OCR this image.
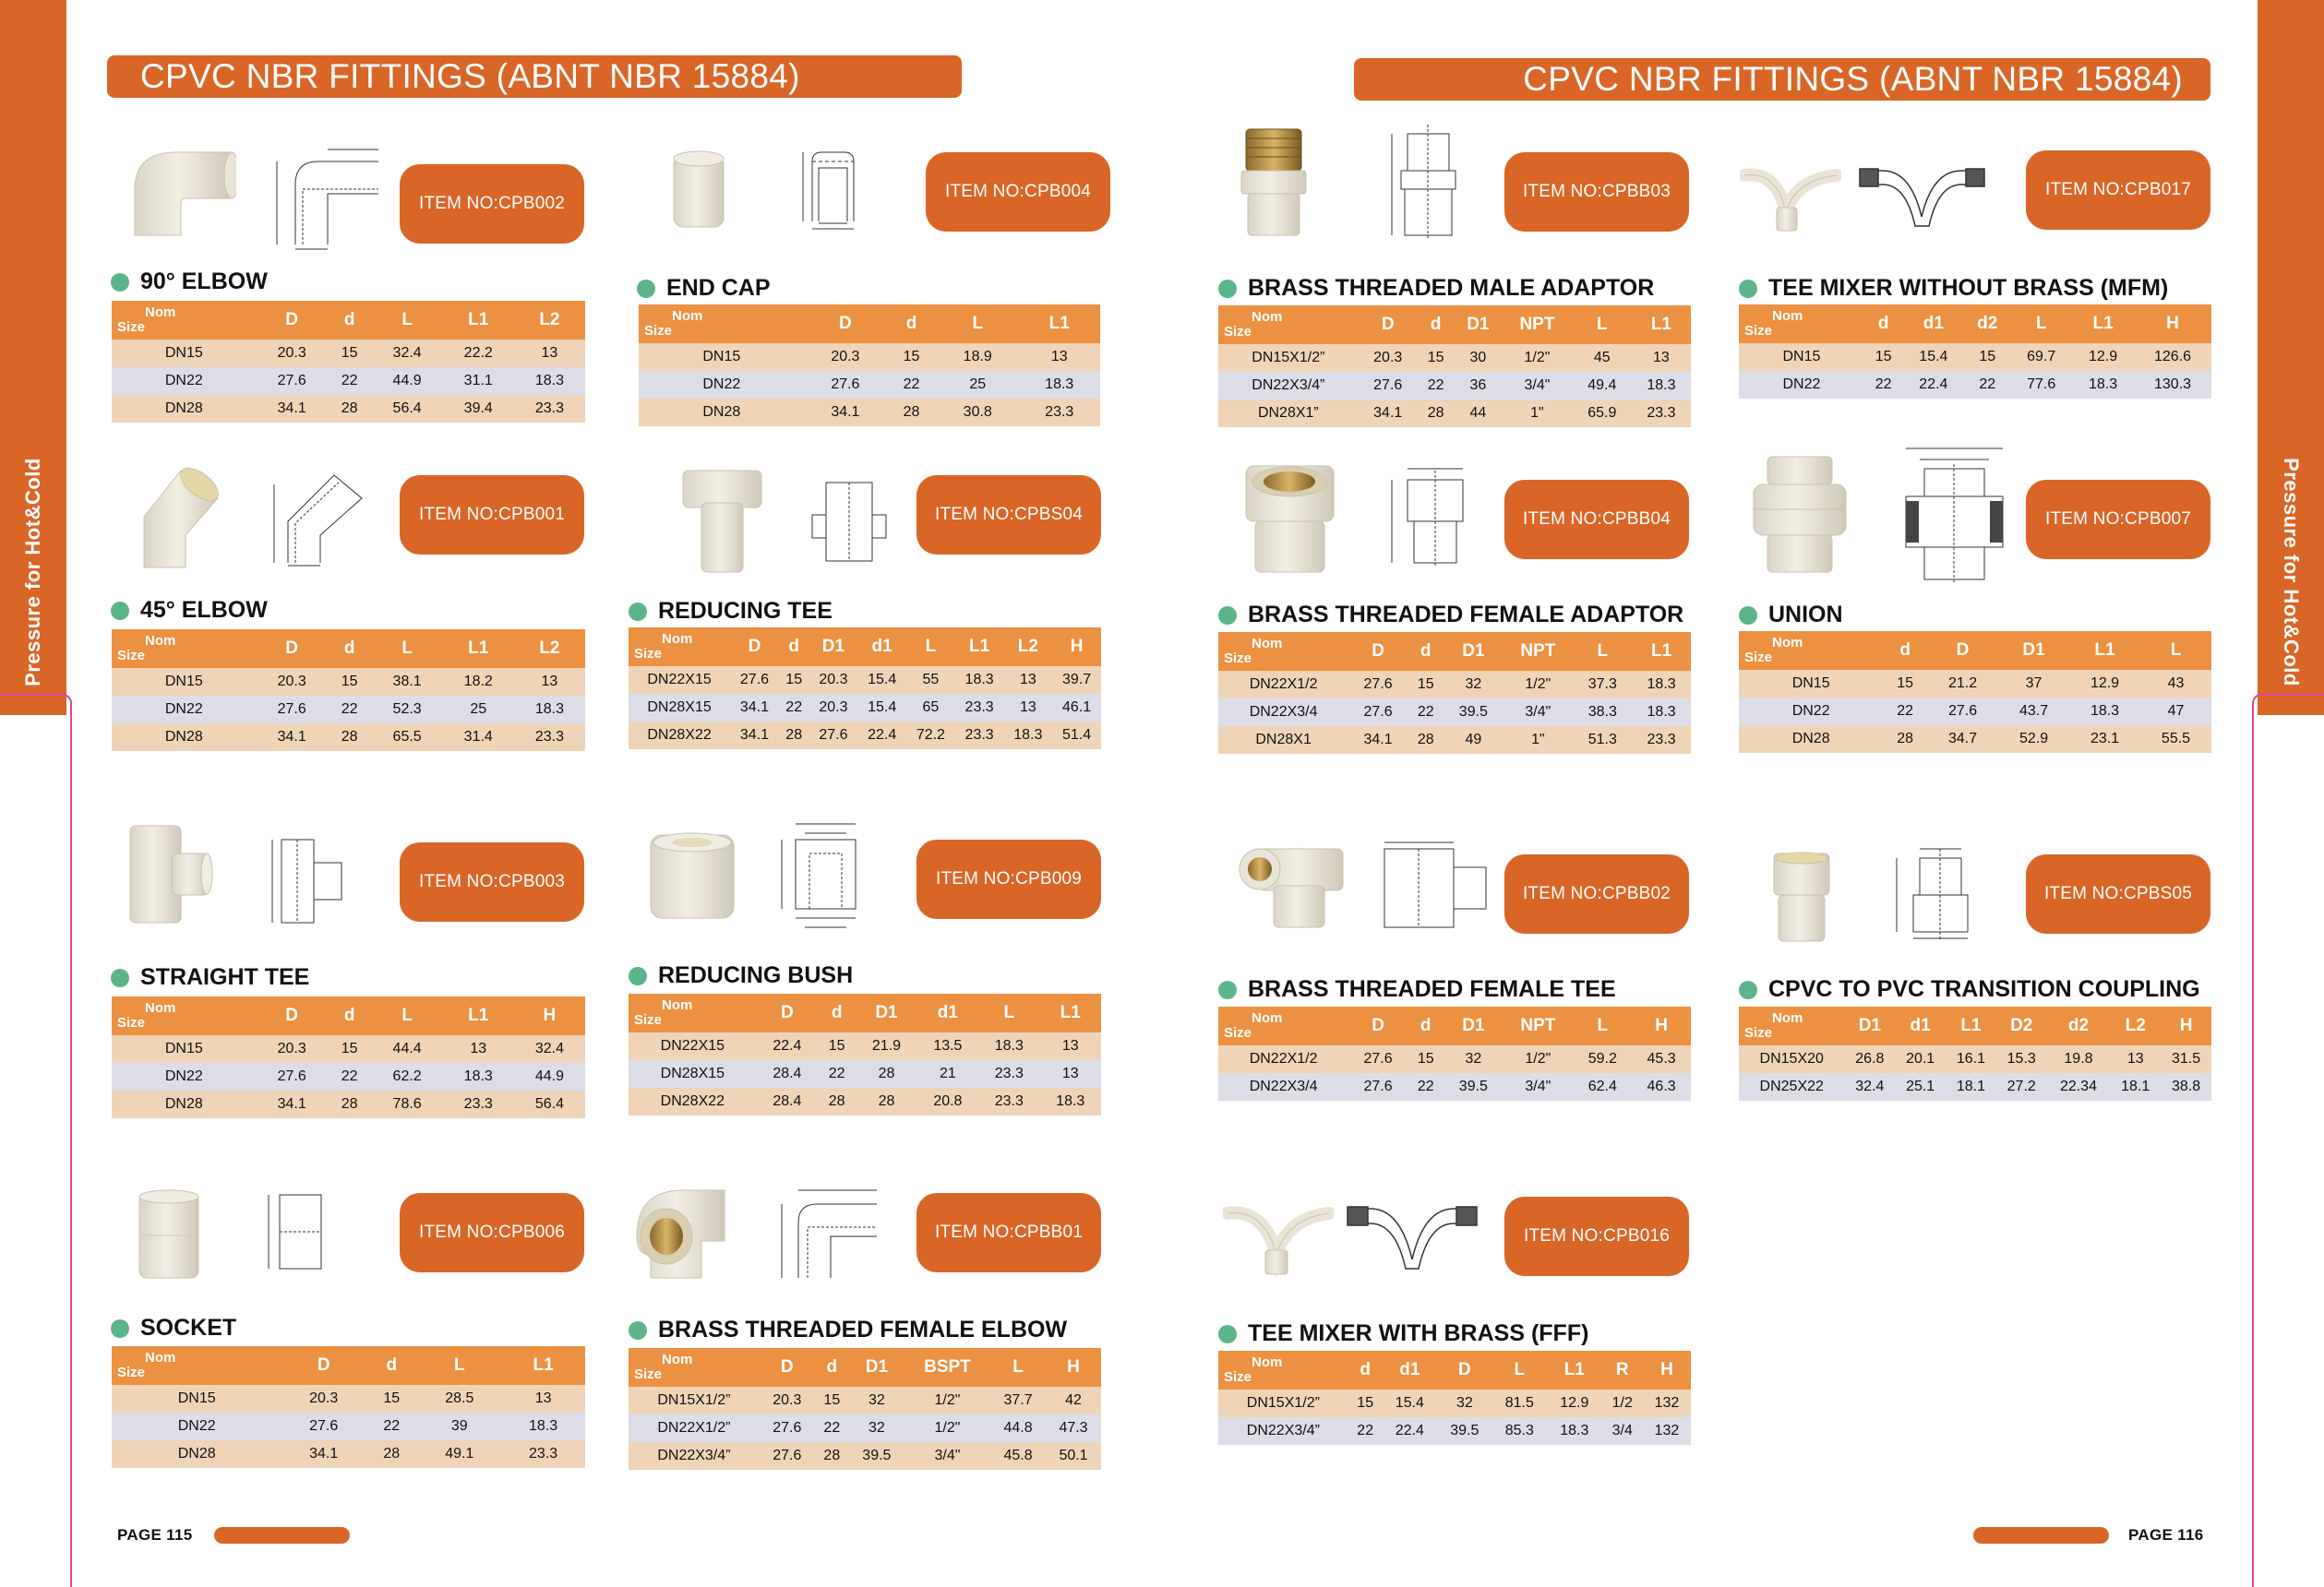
Pressure for Hot&Cold	Pressure for Hot&Cold
CPVC NBR FITTINGS (ABNT NBR 15884)	CPVC NBR FITTINGS (ABNT NBR 15884)
ITEM NO:CPB002
90° ELBOW
Nom
Size	D	d	L	L1	L2
DN15	20.3	15	32.4	22.2	13
DN22	27.6	22	44.9	31.1	18.3
DN28	34.1	28	56.4	39.4	23.3
ITEM NO:CPB004
END CAP
Nom
Size	D	d	L	L1
DN15	20.3	15	18.9	13
DN22	27.6	22	25	18.3
DN28	34.1	28	30.8	23.3
ITEM NO:CPB001
45° ELBOW
Nom
Size	D	d	L	L1	L2
DN15	20.3	15	38.1	18.2	13
DN22	27.6	22	52.3	25	18.3
DN28	34.1	28	65.5	31.4	23.3
ITEM NO:CPBS04
REDUCING TEE
Nom
Size	D	d	D1	d1	L	L1	L2	H
DN22X15	27.6	15	20.3	15.4	55	18.3	13	39.7
DN28X15	34.1	22	20.3	15.4	65	23.3	13	46.1
DN28X22	34.1	28	27.6	22.4	72.2	23.3	18.3	51.4
ITEM NO:CPB003
STRAIGHT TEE
Nom
Size	D	d	L	L1	H
DN15	20.3	15	44.4	13	32.4
DN22	27.6	22	62.2	18.3	44.9
DN28	34.1	28	78.6	23.3	56.4
ITEM NO:CPB009
REDUCING BUSH
Nom
Size	D	d	D1	d1	L	L1
DN22X15	22.4	15	21.9	13.5	18.3	13
DN28X15	28.4	22	28	21	23.3	13
DN28X22	28.4	28	28	20.8	23.3	18.3
ITEM NO:CPB006
SOCKET
Nom
Size	D	d	L	L1
DN15	20.3	15	28.5	13
DN22	27.6	22	39	18.3
DN28	34.1	28	49.1	23.3
ITEM NO:CPBB01
BRASS THREADED FEMALE ELBOW
Nom
Size	D	d	D1	BSPT	L	H
DN15X1/2”	20.3	15	32	1/2"	37.7	42
DN22X1/2”	27.6	22	32	1/2"	44.8	47.3
DN22X3/4”	27.6	28	39.5	3/4"	45.8	50.1
PAGE 115
ITEM NO:CPBB03
BRASS THREADED MALE ADAPTOR
Nom
Size	D	d	D1	NPT	L	L1
DN15X1/2”	20.3	15	30	1/2"	45	13
DN22X3/4”	27.6	22	36	3/4"	49.4	18.3
DN28X1”	34.1	28	44	1"	65.9	23.3
ITEM NO:CPB017
TEE MIXER WITHOUT BRASS (MFM)
Nom
Size	d	d1	d2	L	L1	H
DN15	15	15.4	15	69.7	12.9	126.6
DN22	22	22.4	22	77.6	18.3	130.3
ITEM NO:CPBB04
BRASS THREADED FEMALE ADAPTOR
Nom
Size	D	d	D1	NPT	L	L1
DN22X1/2	27.6	15	32	1/2"	37.3	18.3
DN22X3/4	27.6	22	39.5	3/4"	38.3	18.3
DN28X1	34.1	28	49	1"	51.3	23.3
ITEM NO:CPB007
UNION
Nom
Size	d	D	D1	L1	L
DN15	15	21.2	37	12.9	43
DN22	22	27.6	43.7	18.3	47
DN28	28	34.7	52.9	23.1	55.5
ITEM NO:CPBB02
BRASS THREADED FEMALE TEE
Nom
Size	D	d	D1	NPT	L	H
DN22X1/2	27.6	15	32	1/2"	59.2	45.3
DN22X3/4	27.6	22	39.5	3/4"	62.4	46.3
ITEM NO:CPBS05
CPVC TO PVC TRANSITION COUPLING
Nom
Size	D1	d1	L1	D2	d2	L2	H
DN15X20	26.8	20.1	16.1	15.3	19.8	13	31.5
DN25X22	32.4	25.1	18.1	27.2	22.34	18.1	38.8
ITEM NO:CPB016
TEE MIXER WITH BRASS (FFF)
Nom
Size	d	d1	D	L	L1	R	H
DN15X1/2”	15	15.4	32	81.5	12.9	1/2	132
DN22X3/4”	22	22.4	39.5	85.3	18.3	3/4	132
PAGE 116
